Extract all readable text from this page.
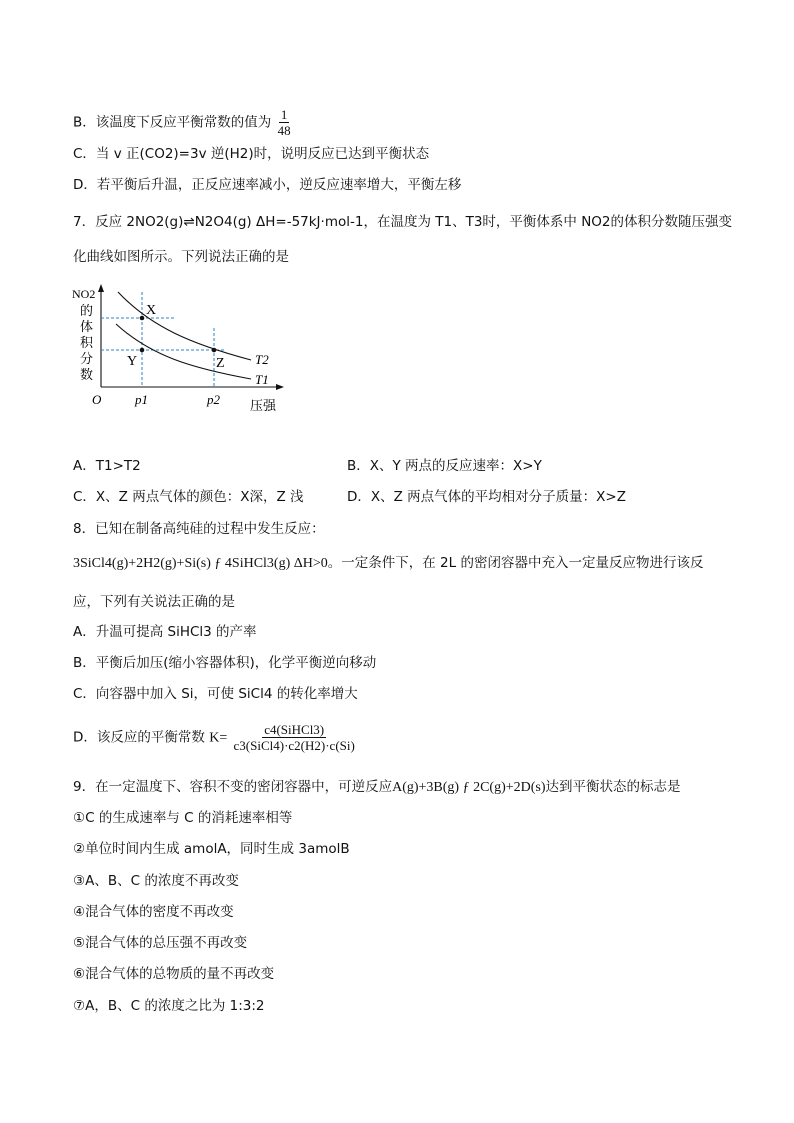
B．该温度下反应平衡常数的值为 $\frac{1}{48}$
C．当 v 正(CO2)=3v 逆(H2)时，说明反应已达到平衡状态
D．若平衡后升温，正反应速率减小，逆反应速率增大，平衡左移
7．反应 2NO2(g)⇌N2O4(g) ΔH=-57kJ·mol-1，在温度为 T1、T3时，平衡体系中 NO2的体积分数随压强变
化曲线如图所示。下列说法正确的是
X
Y	Z T2
T1
O	p1	p2 压强
NO2
的
体
积
分
数
A．T1>T2	B．X、Y 两点的反应速率：X>Y
C．X、Z 两点气体的颜色：X深，Z 浅	D．X、Z 两点气体的平均相对分子质量：X>Z
8．已知在制备高纯硅的过程中发生反应：
3SiCl4(g)+2H2(g)+Si(s) ƒ 4SiHCl3(g) ΔH>0。一定条件下，在 2L 的密闭容器中充入一定量反应物进行该反
应，下列有关说法正确的是
A．升温可提高 SiHCl3 的产率
B．平衡后加压(缩小容器体积)，化学平衡逆向移动
C．向容器中加入 Si，可使 SiCl4 的转化率增大
D．该反应的平衡常数 $K= \frac{\text{c4(SiHCl3)}}{\text{c3(SiCl4)·c2(H2)·c(Si)}}$
9．在一定温度下、容积不变的密闭容器中，可逆反应A(g)+3B(g) ƒ 2C(g)+2D(s)达到平衡状态的标志是
①C 的生成速率与 C 的消耗速率相等
②单位时间内生成 amolA，同时生成 3amolB
③A、B、C 的浓度不再改变
④混合气体的密度不再改变
⑤混合气体的总压强不再改变
⑥混合气体的总物质的量不再改变
⑦A，B、C 的浓度之比为 1:3:2
